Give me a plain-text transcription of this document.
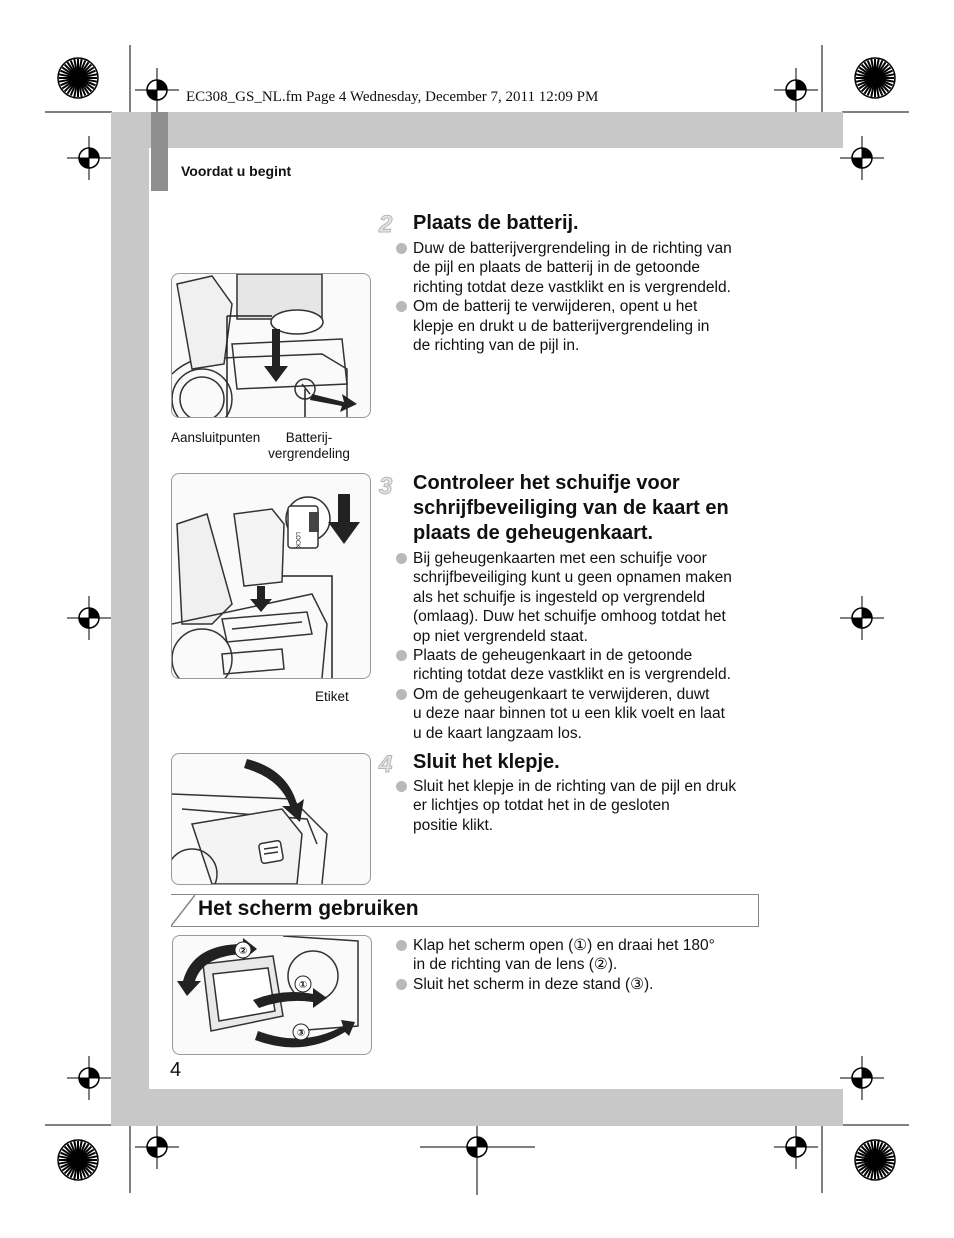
EC308_GS_NL.fm Page 4 Wednesday, December 7, 2011 12:09 PM
Voordat u begint
2 Plaats de batterij.
Duw de batterijvergrendeling in de richting van
de pijl en plaats de batterij in de getoonde
richting totdat deze vastklikt en is vergrendeld.
Om de batterij te verwijderen, opent u het
klepje en drukt u de batterijvergrendeling in
de richting van de pijl in.
Aansluitpunten	Batterij-
vergrendeling
3 Controleer het schuifje voor
schrijfbeveiliging van de kaart en
plaats de geheugenkaart.
Bij geheugenkaarten met een schuifje voor
schrijfbeveiliging kunt u geen opnamen maken
als het schuifje is ingesteld op vergrendeld
(omlaag). Duw het schuifje omhoog totdat het
op niet vergrendeld staat.
Plaats de geheugenkaart in de getoonde
richting totdat deze vastklikt en is vergrendeld.
Om de geheugenkaart te verwijderen, duwt
u deze naar binnen tot u een klik voelt en laat
u de kaart langzaam los.
LOCK
Etiket
4 Sluit het klepje.
Sluit het klepje in de richting van de pijl en druk
er lichtjes op totdat het in de gesloten
positie klikt.
Het scherm gebruiken
②
①
③
Klap het scherm open (①) en draai het 180°
in de richting van de lens (②).
Sluit het scherm in deze stand (③).
4
